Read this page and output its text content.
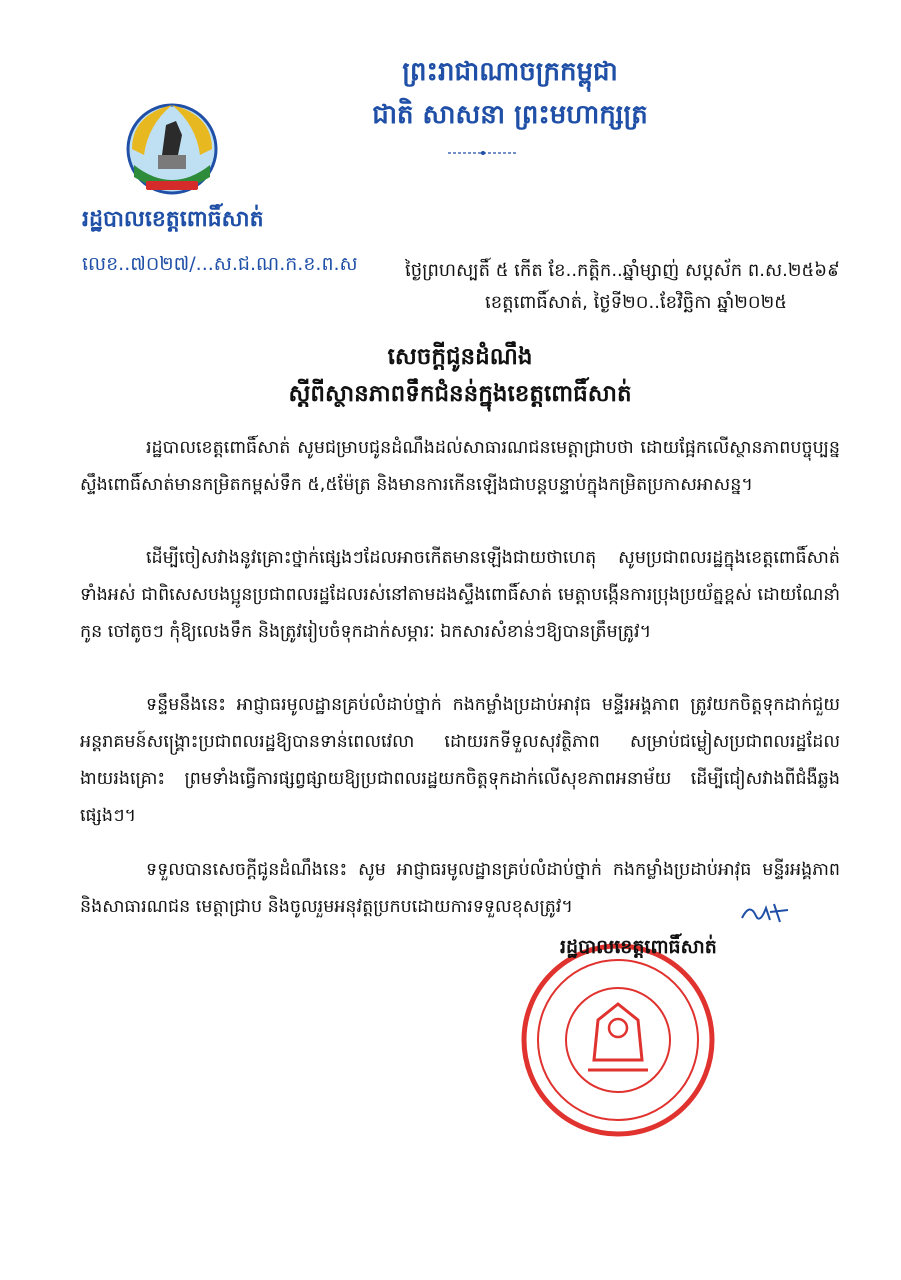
ព្រះរាជាណាចក្រកម្ពុជា
ជាតិ សាសនា ព្រះមហាក្សត្រ
រដ្ឋបាលខេត្តពោធិ៍សាត់
លេខ..៧០២៧/...ស.ជ.ណ.ក.ខ.ព.ស	ថ្ងៃព្រហស្បតិ៍ ៥ កើត ខែ..កត្តិក..ឆ្នាំម្សាញ់ សប្តស័ក ព.ស.២៥៦៩
ខេត្តពោធិ៍សាត់, ថ្ងៃទី២០..ខែវិច្ឆិកា ឆ្នាំ២០២៥
សេចក្តីជូនដំណឹង
ស្តីពីស្ថានភាពទឹកជំនន់ក្នុងខេត្តពោធិ៍សាត់
រដ្ឋបាលខេត្តពោធិ៍សាត់ សូមជម្រាបជូនដំណឹងដល់សាធារណជនមេត្តាជ្រាបថា ដោយផ្អែកលើស្ថានភាពបច្ចុប្បន្នស្ទឹងពោធិ៍សាត់មានកម្រិតកម្ពស់ទឹក ៥,៥ម៉ែត្រ និងមានការកើនឡើងជាបន្តបន្ទាប់ក្នុងកម្រិតប្រកាសអាសន្ន។
ដើម្បីចៀសវាងនូវគ្រោះថ្នាក់ផ្សេងៗដែលអាចកើតមានឡើងជាយថាហេតុ សូមប្រជាពលរដ្ឋក្នុងខេត្តពោធិ៍សាត់ទាំងអស់ ជាពិសេសបងប្អូនប្រជាពលរដ្ឋដែលរស់នៅតាមដងស្ទឹងពោធិ៍សាត់ មេត្តាបង្កើនការប្រុងប្រយ័ត្នខ្ពស់ ដោយណែនាំកូន ចៅតូចៗ កុំឱ្យលេងទឹក និងត្រូវរៀបចំទុកដាក់សម្ភារៈ ឯកសារសំខាន់ៗឱ្យបានត្រឹមត្រូវ។
ទន្ទឹមនឹងនេះ អាជ្ញាធរមូលដ្ឋានគ្រប់លំដាប់ថ្នាក់ កងកម្លាំងប្រដាប់អាវុធ មន្ទីរអង្គភាព ត្រូវយកចិត្តទុកដាក់ជួយអន្តរាគមន៍សង្គ្រោះប្រជាពលរដ្ឋឱ្យបានទាន់ពេលវេលា ដោយរកទីទួលសុវត្ថិភាព សម្រាប់ជម្លៀសប្រជាពលរដ្ឋដែលងាយរងគ្រោះ ព្រមទាំងធ្វើការផ្សព្វផ្សាយឱ្យប្រជាពលរដ្ឋយកចិត្តទុកដាក់លើសុខភាពអនាម័យ ដើម្បីជៀសវាងពីជំងឺឆ្លងផ្សេងៗ។
ទទួលបានសេចក្តីជូនដំណឹងនេះ សូម អាជ្ញាធរមូលដ្ឋានគ្រប់លំដាប់ថ្នាក់ កងកម្លាំងប្រដាប់អាវុធ មន្ទីរអង្គភាព និងសាធារណជន មេត្តាជ្រាប និងចូលរួមអនុវត្តប្រកបដោយការទទួលខុសត្រូវ។
រដ្ឋបាលខេត្តពោធិ៍សាត់
